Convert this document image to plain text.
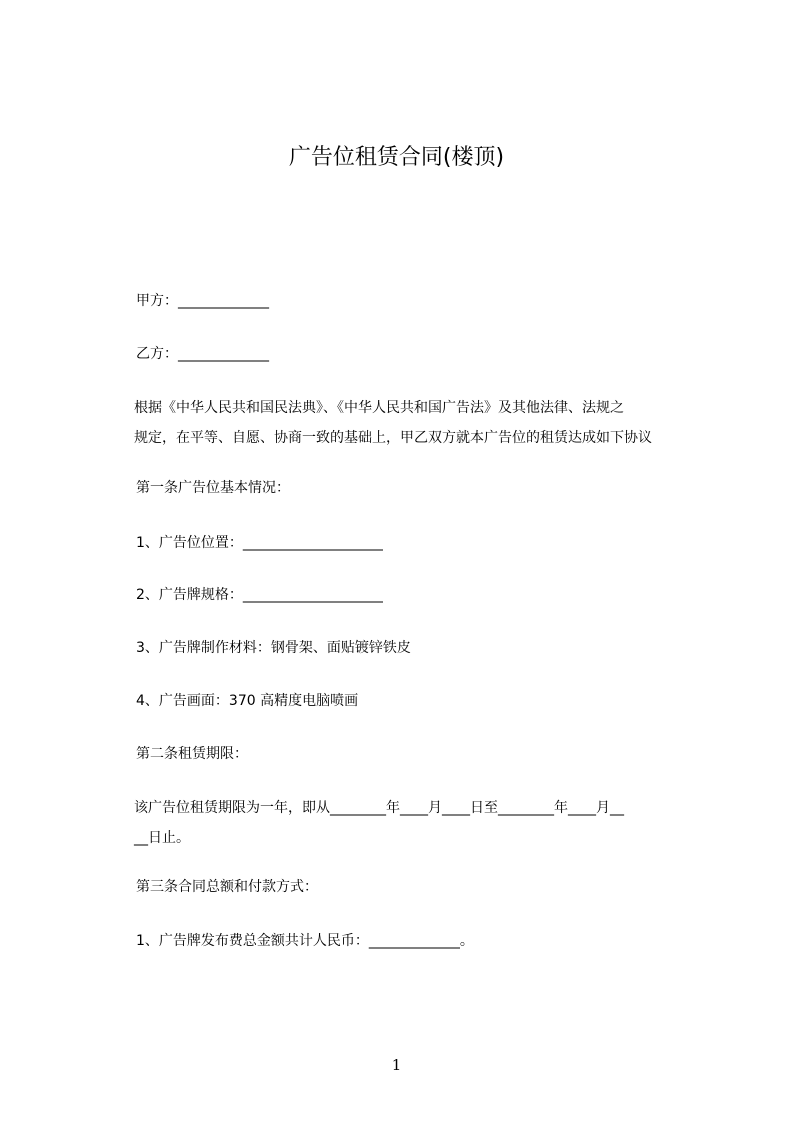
广告位租赁合同(楼顶)
甲方：_____________
乙方：_____________
根据《中华人民共和国民法典》、《中华人民共和国广告法》及其他法律、法规之
规定，在平等、自愿、协商一致的基础上，甲乙双方就本广告位的租赁达成如下协议
第一条广告位基本情况：
1、广告位位置：____________________
2、广告牌规格：____________________
3、广告牌制作材料：钢骨架、面贴镀锌铁皮
4、广告画面：370 高精度电脑喷画
第二条租赁期限：
该广告位租赁期限为一年，即从________年____月____日至________年____月__
__日止。
第三条合同总额和付款方式：
1、广告牌发布费总金额共计人民币：_____________。
1
